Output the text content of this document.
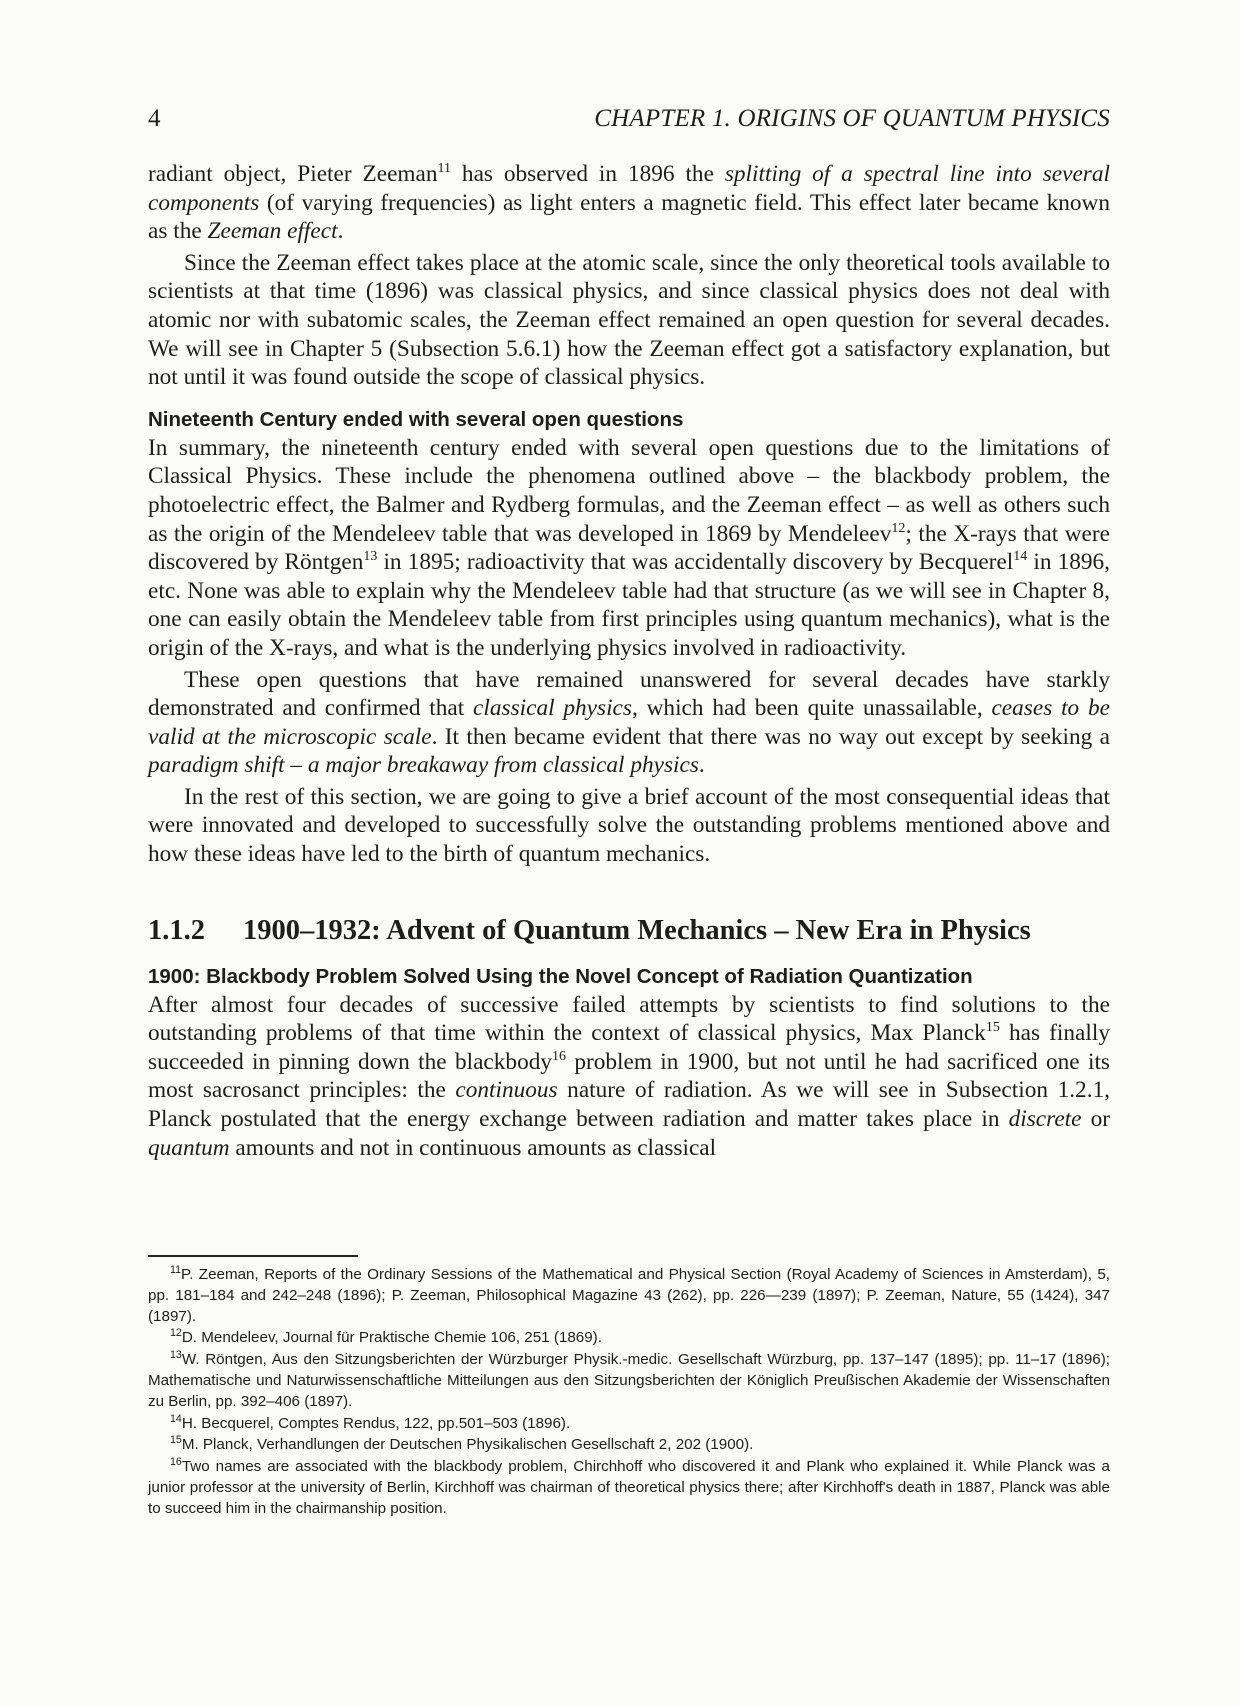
4	CHAPTER 1. ORIGINS OF QUANTUM PHYSICS

radiant object, Pieter Zeeman$^{11}$ has observed in 1896 the splitting of a spectral line into several components (of varying frequencies) as light enters a magnetic field. This effect later became known as the Zeeman effect.

Since the Zeeman effect takes place at the atomic scale, since the only theoretical tools available to scientists at that time (1896) was classical physics, and since classical physics does not deal with atomic nor with subatomic scales, the Zeeman effect remained an open question for several decades. We will see in Chapter 5 (Subsection 5.6.1) how the Zeeman effect got a satisfactory explanation, but not until it was found outside the scope of classical physics.

Nineteenth Century ended with several open questions

In summary, the nineteenth century ended with several open questions due to the limitations of Classical Physics. These include the phenomena outlined above – the blackbody problem, the photoelectric effect, the Balmer and Rydberg formulas, and the Zeeman effect – as well as others such as the origin of the Mendeleev table that was developed in 1869 by Mendeleev$^{12}$; the X-rays that were discovered by Röntgen$^{13}$ in 1895; radioactivity that was accidentally discovery by Becquerel$^{14}$ in 1896, etc. None was able to explain why the Mendeleev table had that structure (as we will see in Chapter 8, one can easily obtain the Mendeleev table from first principles using quantum mechanics), what is the origin of the X-rays, and what is the underlying physics involved in radioactivity.

These open questions that have remained unanswered for several decades have starkly demonstrated and confirmed that classical physics, which had been quite unassailable, ceases to be valid at the microscopic scale. It then became evident that there was no way out except by seeking a paradigm shift – a major breakaway from classical physics.

In the rest of this section, we are going to give a brief account of the most consequential ideas that were innovated and developed to successfully solve the outstanding problems mentioned above and how these ideas have led to the birth of quantum mechanics.

1.1.2 1900–1932: Advent of Quantum Mechanics – New Era in Physics
1900: Blackbody Problem Solved Using the Novel Concept of Radiation Quantization

After almost four decades of successive failed attempts by scientists to find solutions to the outstanding problems of that time within the context of classical physics, Max Planck$^{15}$ has finally succeeded in pinning down the blackbody$^{16}$ problem in 1900, but not until he had sacrificed one its most sacrosanct principles: the continuous nature of radiation. As we will see in Subsection 1.2.1, Planck postulated that the energy exchange between radiation and matter takes place in discrete or quantum amounts and not in continuous amounts as classical

$^{11}$P. Zeeman, Reports of the Ordinary Sessions of the Mathematical and Physical Section (Royal Academy of Sciences in Amsterdam), 5, pp. 181–184 and 242–248 (1896); P. Zeeman, Philosophical Magazine 43 (262), pp. 226—239 (1897); P. Zeeman, Nature, 55 (1424), 347 (1897).

$^{12}$D. Mendeleev, Journal für Praktische Chemie 106, 251 (1869).

$^{13}$W. Röntgen, Aus den Sitzungsberichten der Würzburger Physik.-medic. Gesellschaft Würzburg, pp. 137–147 (1895); pp. 11–17 (1896); Mathematische und Naturwissenschaftliche Mitteilungen aus den Sitzungsberichten der Königlich Preußischen Akademie der Wissenschaften zu Berlin, pp. 392–406 (1897).

$^{14}$H. Becquerel, Comptes Rendus, 122, pp.501–503 (1896).

$^{15}$M. Planck, Verhandlungen der Deutschen Physikalischen Gesellschaft 2, 202 (1900).

$^{16}$Two names are associated with the blackbody problem, Chirchhoff who discovered it and Plank who explained it. While Planck was a junior professor at the university of Berlin, Kirchhoff was chairman of theoretical physics there; after Kirchhoff's death in 1887, Planck was able to succeed him in the chairmanship position.
